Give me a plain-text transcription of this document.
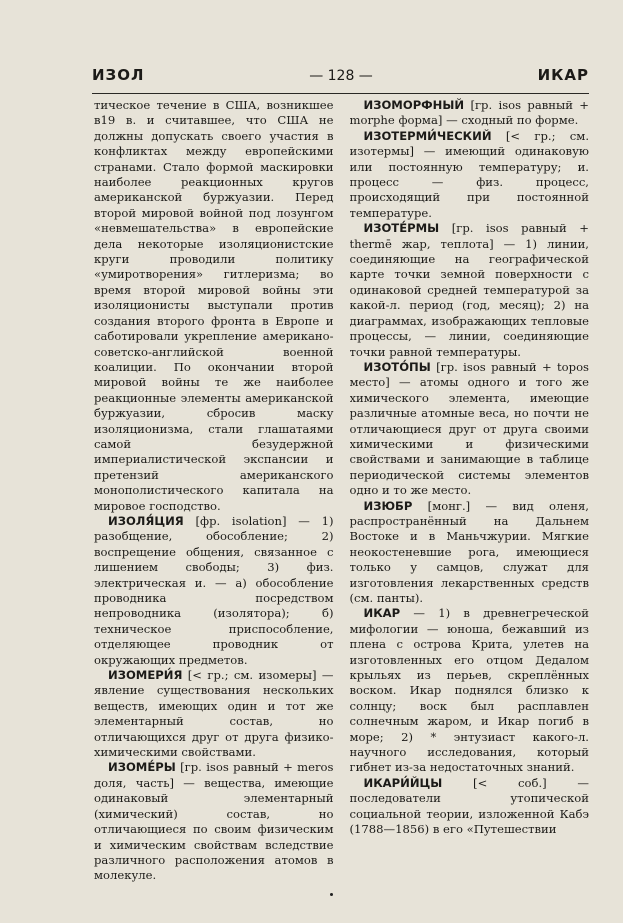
ИЗОЛ	— 128 —	ИКАР

тическое течение в США, возникшее в19 в. и считавшее, что США не должны допускать своего участия в конфликтах между европейскими странами. Стало формой маскировки наиболее реакционных кругов американской буржуазии. Перед второй мировой войной под лозунгом «невмешательства» в европейские дела некоторые изоляционистские круги проводили политику «умиротворения» гитлеризма; во время второй мировой войны эти изоляционисты выступали против создания второго фронта в Европе и саботировали укрепление американо-советско-английской военной коалиции. По окончании второй мировой войны те же наиболее реакционные элементы американской буржуазии, сбросив маску изоляционизма, стали глашатаями самой безудержной империалистической экспансии и претензий американского монополистического капитала на мировое господство.

ИЗОЛЯ́ЦИЯ [фр. isolation] — 1) разобщение, обособление; 2) воспрещение общения, связанное с лишением свободы; 3) физ. электрическая и. — а) обособление проводника посредством непроводника (изолятора); б) техническое приспособление, отделяющее проводник от окружающих предметов.

ИЗОМЕРИ́Я [< гр.; см. изомеры] — явление существования нескольких веществ, имеющих один и тот же элементарный состав, но отличающихся друг от друга физико-химическими свойствами.

ИЗОМЕ́РЫ [гр. isos равный + meros доля, часть] — вещества, имеющие одинаковый элементарный (химический) состав, но отличающиеся по своим физическим и химическим свойствам вследствие различного расположения атомов в молекуле.

ИЗОМОРФНЫЙ [гр. isos равный + morphe форма] — сходный по форме.

ИЗОТЕРМИ́ЧЕСКИЙ [< гр.; см. изотермы] — имеющий одинаковую или постоянную температуру; и. процесс — физ. процесс, происходящий при постоянной температуре.

ИЗОТЕ́РМЫ [гр. isos равный + thermē жар, теплота] — 1) линии, соединяющие на географической карте точки земной поверхности с одинаковой средней температурой за какой-л. период (год, месяц); 2) на диаграммах, изображающих тепловые процессы, — линии, соединяющие точки равной температуры.

ИЗОТО́ПЫ [гр. isos равный + topos место] — атомы одного и того же химического элемента, имеющие различные атомные веса, но почти не отличающиеся друг от друга своими химическими и физическими свойствами и занимающие в таблице периодической системы элементов одно и то же место.

ИЗЮБР [монг.] — вид оленя, распространённый на Дальнем Востоке и в Маньчжурии. Мягкие неокостеневшие рога, имеющиеся только у самцов, служат для изготовления лекарственных средств (см. панты).

ИКАР — 1) в древнегреческой мифологии — юноша, бежавший из плена с острова Крита, улетев на изготовленных его отцом Дедалом крыльях из перьев, скреплённых воском. Икар поднялся близко к солнцу; воск был расплавлен солнечным жаром, и Икар погиб в море; 2) * энтузиаст какого-л. научного исследования, который гибнет из-за недостаточных знаний.

ИКАРИ́ЙЦЫ [< соб.] — последователи утопической социальной теории, изложенной Кабэ (1788—1856) в его «Путешествии
